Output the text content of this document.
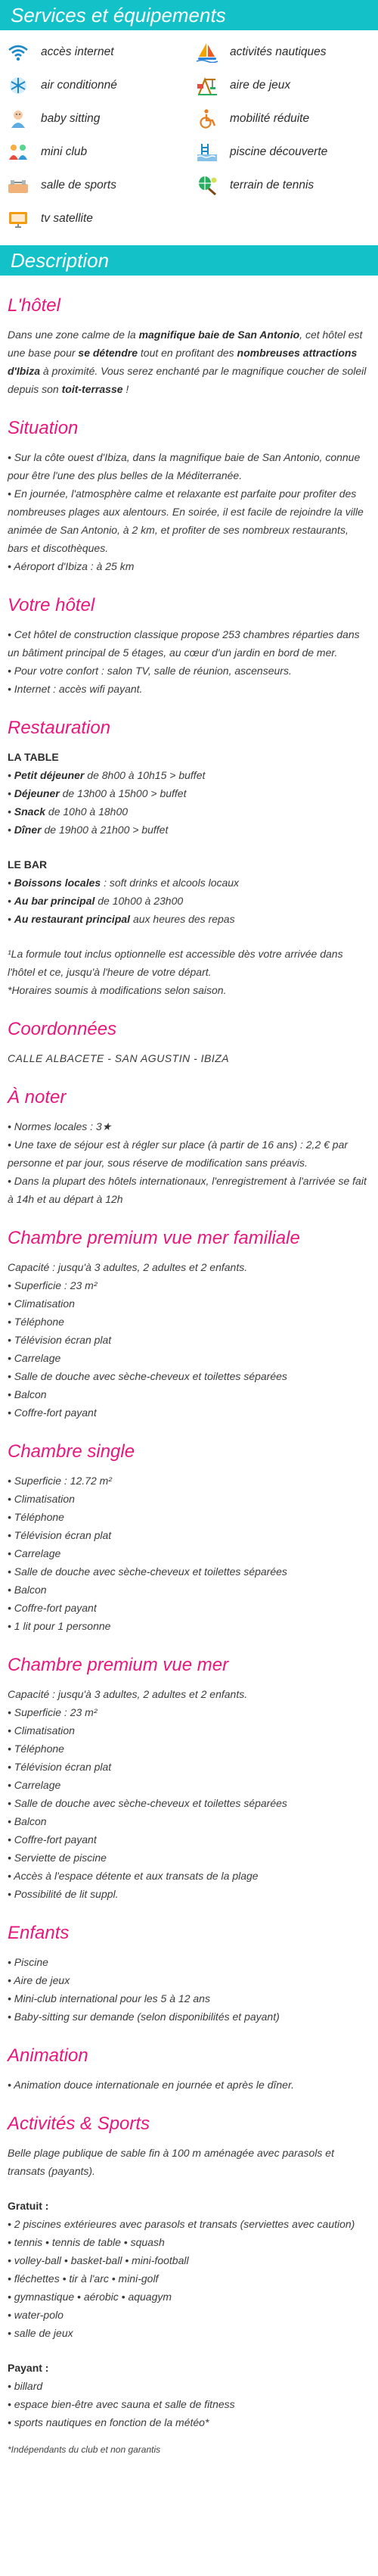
Services et équipements
accès internet	activités nautiques
air conditionné	aire de jeux
baby sitting	mobilité réduite
mini club	piscine découverte
salle de sports	terrain de tennis
tv satellite
Description
L'hôtel

Dans une zone calme de la magnifique baie de San Antonio, cet hôtel est une base pour se détendre tout en profitant des nombreuses attractions d'Ibiza à proximité. Vous serez enchanté par le magnifique coucher de soleil depuis son toit-terrasse !

Situation

• Sur la côte ouest d'Ibiza, dans la magnifique baie de San Antonio, connue pour être l'une des plus belles de la Méditerranée.

• En journée, l'atmosphère calme et relaxante est parfaite pour profiter des nombreuses plages aux alentours. En soirée, il est facile de rejoindre la ville animée de San Antonio, à 2 km, et profiter de ses nombreux restaurants, bars et discothèques.

• Aéroport d'Ibiza : à 25 km

Votre hôtel

• Cet hôtel de construction classique propose 253 chambres réparties dans un bâtiment principal de 5 étages, au cœur d'un jardin en bord de mer.

• Pour votre confort : salon TV, salle de réunion, ascenseurs.

• Internet : accès wifi payant.

Restauration
LA TABLE

• Petit déjeuner de 8h00 à 10h15 > buffet

• Déjeuner de 13h00 à 15h00 > buffet

• Snack de 10h0 à 18h00

• Dîner de 19h00 à 21h00 > buffet

LE BAR

• Boissons locales : soft drinks et alcools locaux

• Au bar principal de 10h00 à 23h00

• Au restaurant principal aux heures des repas

¹La formule tout inclus optionnelle est accessible dès votre arrivée dans l'hôtel et ce, jusqu'à l'heure de votre départ.

*Horaires soumis à modifications selon saison.

Coordonnées
CALLE ALBACETE - SAN AGUSTIN - IBIZA
À noter

• Normes locales : 3★

• Une taxe de séjour est à régler sur place (à partir de 16 ans) : 2,2 € par personne et par jour, sous réserve de modification sans préavis.

• Dans la plupart des hôtels internationaux, l'enregistrement à l'arrivée se fait à 14h et au départ à 12h

Chambre premium vue mer familiale

Capacité : jusqu'à 3 adultes, 2 adultes et 2 enfants.

• Superficie : 23 m²

• Climatisation

• Téléphone

• Télévision écran plat

• Carrelage

• Salle de douche avec sèche-cheveux et toilettes séparées

• Balcon

• Coffre-fort payant

Chambre single

• Superficie : 12.72 m²

• Climatisation

• Téléphone

• Télévision écran plat

• Carrelage

• Salle de douche avec sèche-cheveux et toilettes séparées

• Balcon

• Coffre-fort payant

• 1 lit pour 1 personne

Chambre premium vue mer

Capacité : jusqu'à 3 adultes, 2 adultes et 2 enfants.

• Superficie : 23 m²

• Climatisation

• Téléphone

• Télévision écran plat

• Carrelage

• Salle de douche avec sèche-cheveux et toilettes séparées

• Balcon

• Coffre-fort payant

• Serviette de piscine

• Accès à l'espace détente et aux transats de la plage

• Possibilité de lit suppl.

Enfants

• Piscine

• Aire de jeux

• Mini-club international pour les 5 à 12 ans

• Baby-sitting sur demande (selon disponibilités et payant)

Animation

• Animation douce internationale en journée et après le dîner.

Activités & Sports

Belle plage publique de sable fin à 100 m aménagée avec parasols et transats (payants).

Gratuit :

• 2 piscines extérieures avec parasols et transats (serviettes avec caution)

• tennis • tennis de table • squash

• volley-ball • basket-ball • mini-football

• fléchettes • tir à l'arc • mini-golf

• gymnastique • aérobic • aquagym

• water-polo

• salle de jeux

Payant :

• billard

• espace bien-être avec sauna et salle de fitness

• sports nautiques en fonction de la météo*

*Indépendants du club et non garantis
